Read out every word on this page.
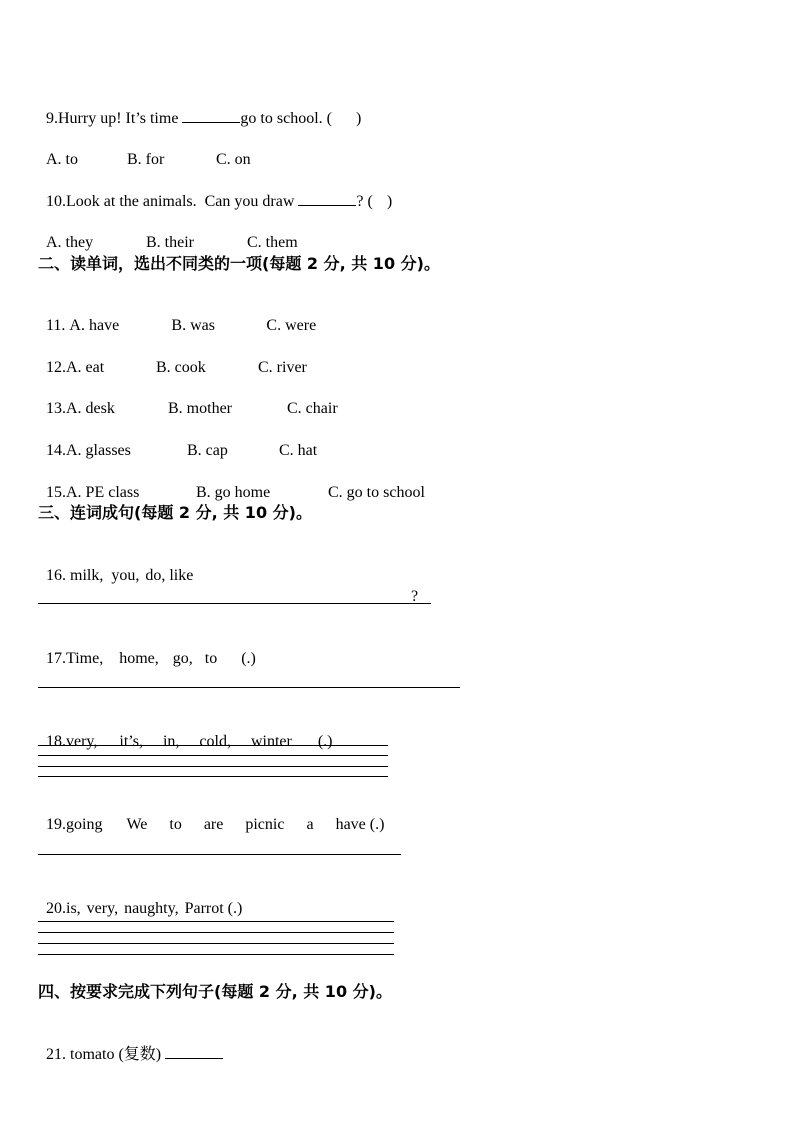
9.Hurry up! It’s time	go to school. ( )

A. to	B. for	C. on

10.Look at the animals.  Can you draw	? ( )

A. they	B. their	C. them

二、读单词，选出不同类的一项(每题 2 分, 共 10 分)。

11. A. have	B. was	C. were

12.A. eat	B. cook	C. river

13.A. desk	B. mother	C. chair

14.A. glasses	B. cap	C. hat

15.A. PE class	B. go home	C. go to school

三、连词成句(每题 2 分, 共 10 分)。

16. milk, you, do, like

?

17.Time, home, go, to (.)

18.very, it’s, in, cold, winter (.)

19.going We to are picnic a have (.)

20.is, very, naughty, Parrot (.)

四、按要求完成下列句子(每题 2 分, 共 10 分)。

21. tomato (复数)
